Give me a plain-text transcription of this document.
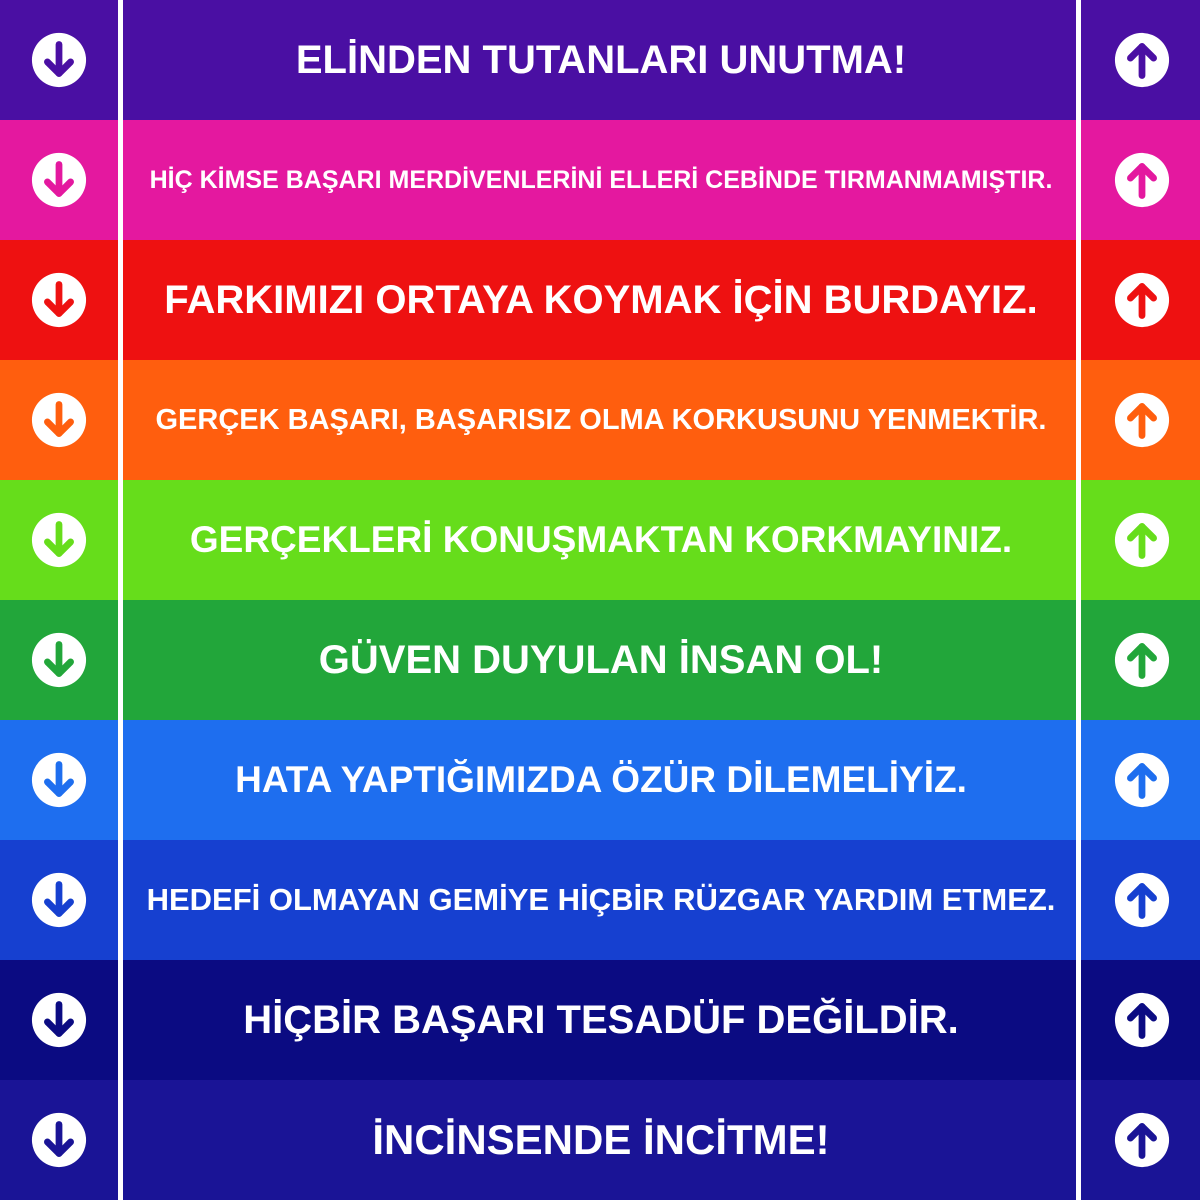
ELİNDEN TUTANLARI UNUTMA!
HİÇ KİMSE BAŞARI MERDİVENLERİNİ ELLERİ CEBİNDE TIRMANMAMIŞTIR.
FARKIMIZI ORTAYA KOYMAK İÇİN BURDAYIZ.
GERÇEK BAŞARI, BAŞARISIZ OLMA KORKUSUNU YENMEKTİR.
GERÇEKLERİ KONUŞMAKTAN KORKMAYINIZ.
GÜVEN DUYULAN İNSAN OL!
HATA YAPTIĞIMIZDA ÖZÜR DİLEMELİYİZ.
HEDEFİ OLMAYAN GEMİYE HİÇBİR RÜZGAR YARDIM ETMEZ.
HİÇBİR BAŞARI TESADÜF DEĞİLDİR.
İNCİNSENDE İNCİTME!
